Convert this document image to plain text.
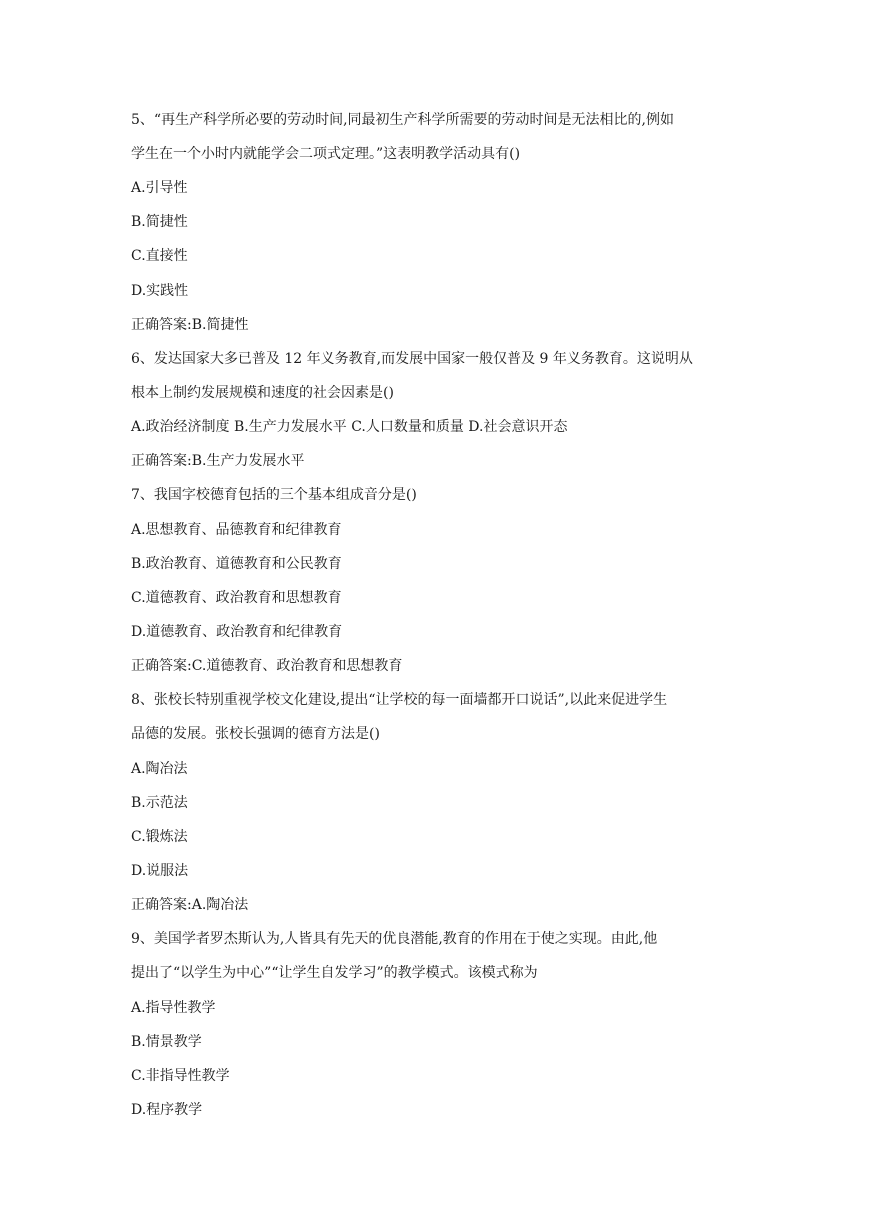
5、“再生产科学所必要的劳动时间,同最初生产科学所需要的劳动时间是无法相比的,例如
学生在一个小时内就能学会二项式定理。”这表明教学活动具有()
A.引导性
B.简捷性
C.直接性
D.实践性
正确答案:B.简捷性
6、发达国家大多已普及 12 年义务教育,而发展中国家一般仅普及 9 年义务教育。这说明从
根本上制约发展规模和速度的社会因素是()
A.政治经济制度 B.生产力发展水平 C.人口数量和质量 D.社会意识开态
正确答案:B.生产力发展水平
7、我国字校德育包括的三个基本组成音分是()
A.思想教育、品德教育和纪律教育
B.政治教育、道德教育和公民教育
C.道德教育、政治教育和思想教育
D.道德教育、政治教育和纪律教育
正确答案:C.道德教育、政治教育和思想教育
8、张校长特别重视学校文化建设,提出“让学校的每一面墙都开口说话”,以此来促进学生
品德的发展。张校长强调的德育方法是()
A.陶冶法
B.示范法
C.锻炼法
D.说服法
正确答案:A.陶冶法
9、美国学者罗杰斯认为,人皆具有先天的优良潜能,教育的作用在于使之实现。由此,他
提出了“以学生为中心”“让学生自发学习”的教学模式。该模式称为
A.指导性教学
B.情景教学
C.非指导性教学
D.程序教学
